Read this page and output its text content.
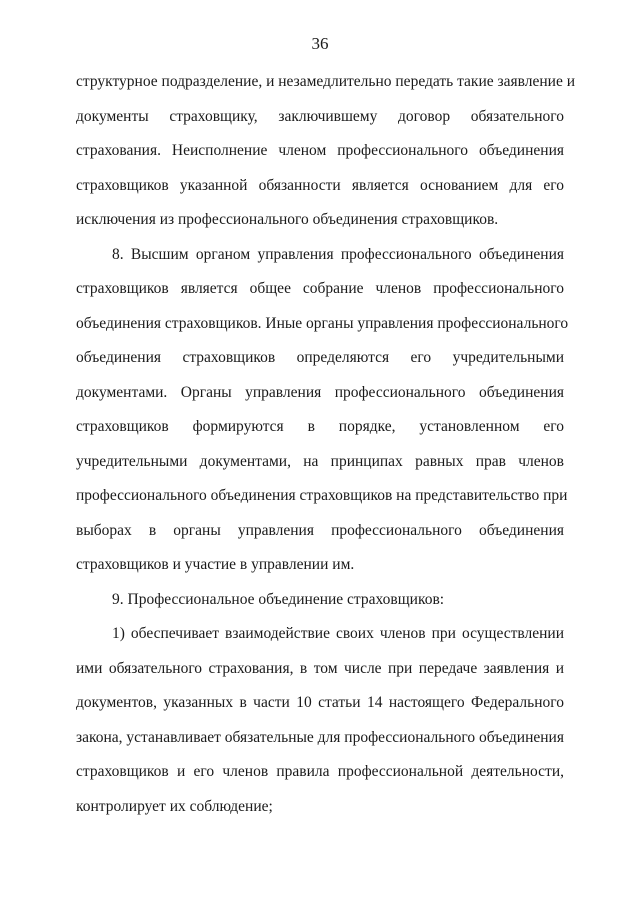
36
структурное подразделение, и незамедлительно передать такие заявление и
документы страховщику, заключившему договор обязательного
страхования. Неисполнение членом профессионального объединения
страховщиков указанной обязанности является основанием для его
исключения из профессионального объединения страховщиков.
8. Высшим органом управления профессионального объединения
страховщиков является общее собрание членов профессионального
объединения страховщиков. Иные органы управления профессионального
объединения страховщиков определяются его учредительными
документами. Органы управления профессионального объединения
страховщиков формируются в порядке, установленном его
учредительными документами, на принципах равных прав членов
профессионального объединения страховщиков на представительство при
выборах в органы управления профессионального объединения
страховщиков и участие в управлении им.
9. Профессиональное объединение страховщиков:
1) обеспечивает взаимодействие своих членов при осуществлении
ими обязательного страхования, в том числе при передаче заявления и
документов, указанных в части 10 статьи 14 настоящего Федерального
закона, устанавливает обязательные для профессионального объединения
страховщиков и его членов правила профессиональной деятельности,
контролирует их соблюдение;
